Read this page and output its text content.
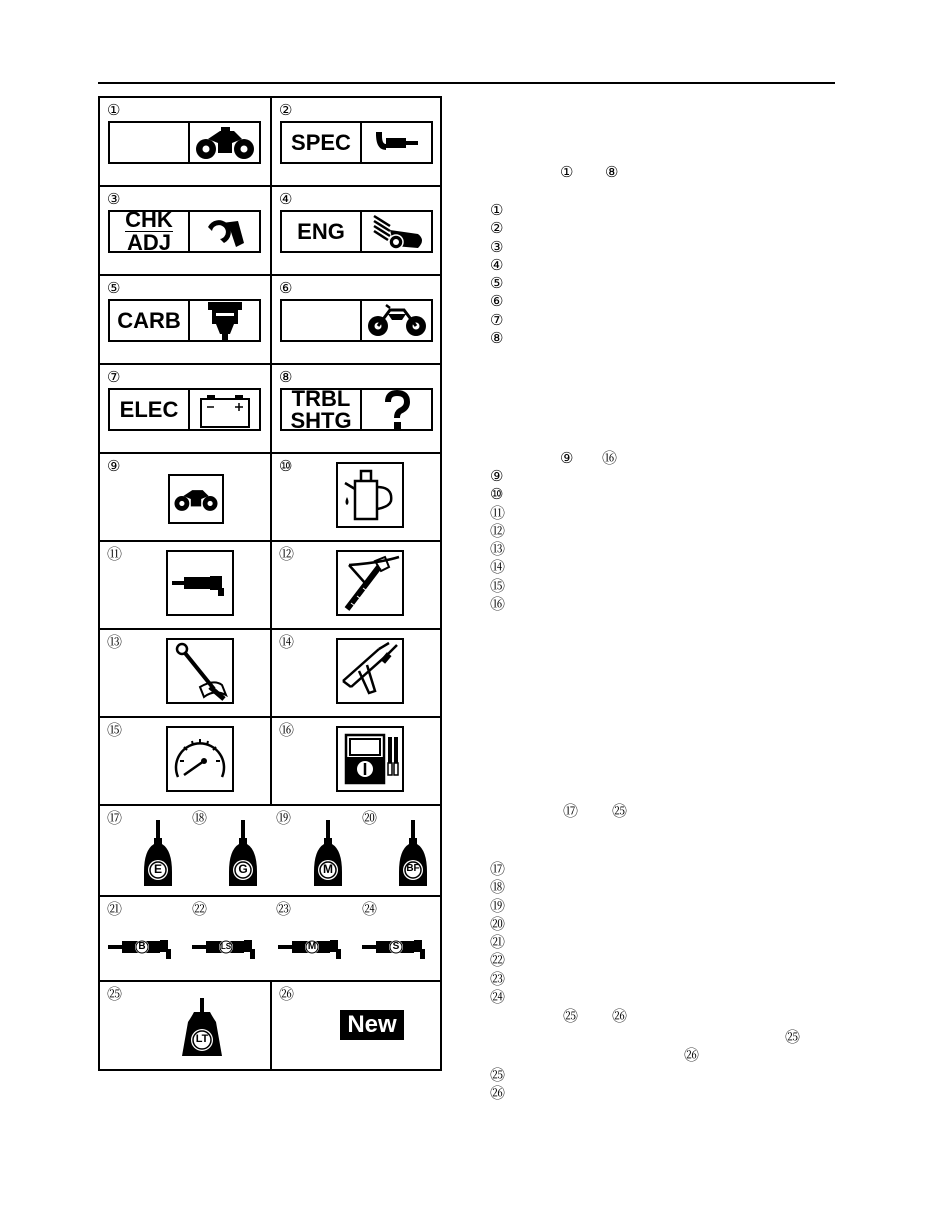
①	②
SPEC
③
CHK
ADJ
④
ENG
⑤
CARB
⑥
⑦
ELEC
⑧
TRBL
SHTG
⑨	⑩
⑪	⑫
⑬	⑭
⑮	⑯
⑰	⑱	⑲	⑳
E	G	M	BF
㉑	㉒	㉓	㉔
B	LS	M	S
㉕
LT
㉖
New
① ⑧
①
②
③
④
⑤
⑥
⑦
⑧
⑨ ⑯
⑨
⑩
⑪
⑫
⑬
⑭
⑮
⑯
⑰ ㉕
⑰
⑱
⑲
⑳
㉑
㉒
㉓
㉔
㉕ ㉖
㉕
㉖
㉕
㉖
